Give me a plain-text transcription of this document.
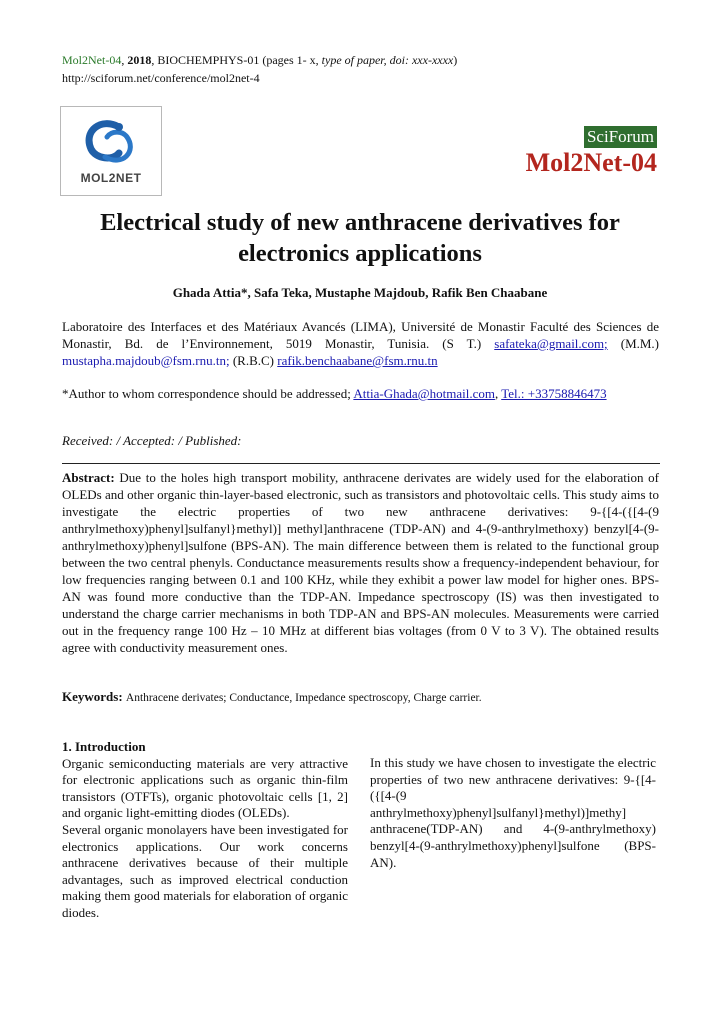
Mol2Net-04, 2018, BIOCHEMPHYS-01 (pages 1- x, type of paper, doi: xxx-xxxx)
http://sciforum.net/conference/mol2net-4
MOL2NET
SciForum
Mol2Net-04
Electrical study of new anthracene derivatives for electronics applications
Ghada Attia*, Safa Teka, Mustaphe Majdoub, Rafik Ben Chaabane
Laboratoire des Interfaces et des Matériaux Avancés (LIMA), Université de Monastir Faculté des Sciences de Monastir, Bd. de l’Environnement, 5019 Monastir, Tunisia. (S T.) safateka@gmail.com; (M.M.) mustapha.majdoub@fsm.rnu.tn; (R.B.C) rafik.benchaabane@fsm.rnu.tn
*Author to whom correspondence should be addressed; Attia-Ghada@hotmail.com, Tel.: +33758846473
Received: / Accepted: / Published:
Abstract: Due to the holes high transport mobility, anthracene derivates are widely used for the elaboration of OLEDs and other organic thin-layer-based electronic, such as transistors and photovoltaic cells. This study aims to investigate the electric properties of two new anthracene derivatives: 9-{[4-({[4-(9 anthrylmethoxy)phenyl]sulfanyl}methyl)] methyl]anthracene (TDP-AN) and 4-(9-anthrylmethoxy) benzyl[4-(9-anthrylmethoxy)phenyl]sulfone (BPS-AN). The main difference between them is related to the functional group between the two central phenyls. Conductance measurements results show a frequency-independent behaviour, for low frequencies ranging between 0.1 and 100 KHz, while they exhibit a power law model for higher ones. BPS-AN was found more conductive than the TDP-AN. Impedance spectroscopy (IS) was then investigated to understand the charge carrier mechanisms in both TDP-AN and BPS-AN molecules. Measurements were carried out in the frequency range 100 Hz – 10 MHz at different bias voltages (from 0 V to 3 V). The obtained results agree with conductivity measurement ones.
Keywords: Anthracene derivates; Conductance, Impedance spectroscopy, Charge carrier.
1. Introduction
Organic semiconducting materials are very attractive for electronic applications such as organic thin-film transistors (OTFTs), organic photovoltaic cells [1, 2] and organic light-emitting diodes (OLEDs).
Several organic monolayers have been investigated for electronics applications. Our work concerns anthracene derivatives because of their multiple advantages, such as improved electrical conduction making them good materials for elaboration of organic diodes.
In this study we have chosen to investigate the electric properties of two new anthracene derivatives: 9-{[4-({[4-(9 anthrylmethoxy)phenyl]sulfanyl}methyl)]methy] anthracene(TDP-AN) and 4-(9-anthrylmethoxy) benzyl[4-(9-anthrylmethoxy)phenyl]sulfone (BPS-AN).
